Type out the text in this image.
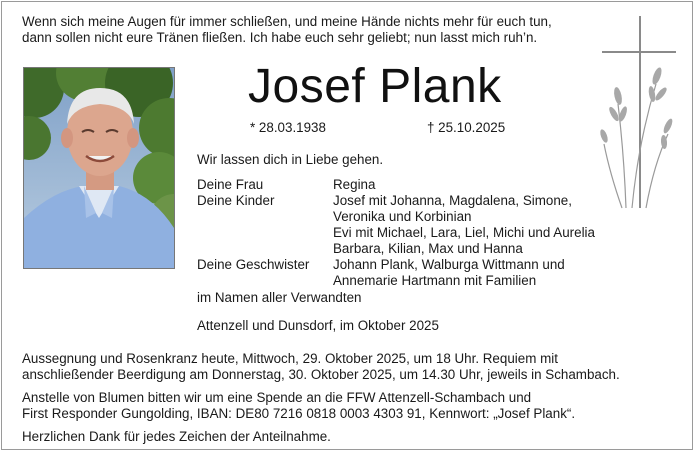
Wenn sich meine Augen für immer schließen, und meine Hände nichts mehr für euch tun,
dann sollen nicht eure Tränen fließen. Ich habe euch sehr geliebt; nun lasst mich ruh’n.
Josef Plank
* 28.03.1938	† 25.10.2025
Wir lassen dich in Liebe gehen.
Deine Frau	Regina
Deine Kinder	Josef mit Johanna, Magdalena, Simone,
Veronika und Korbinian
Evi mit Michael, Lara, Liel, Michi und Aurelia
Barbara, Kilian, Max und Hanna
Deine Geschwister	Johann Plank, Walburga Wittmann und
Annemarie Hartmann mit Familien
im Namen aller Verwandten
Attenzell und Dunsdorf, im Oktober 2025
Aussegnung und Rosenkranz heute, Mittwoch, 29. Oktober 2025, um 18 Uhr. Requiem mit
anschließender Beerdigung am Donnerstag, 30. Oktober 2025, um 14.30 Uhr, jeweils in Schambach.
Anstelle von Blumen bitten wir um eine Spende an die FFW Attenzell-Schambach und
First Responder Gungolding, IBAN: DE80 7216 0818 0003 4303 91, Kennwort: „Josef Plank“.
Herzlichen Dank für jedes Zeichen der Anteilnahme.
